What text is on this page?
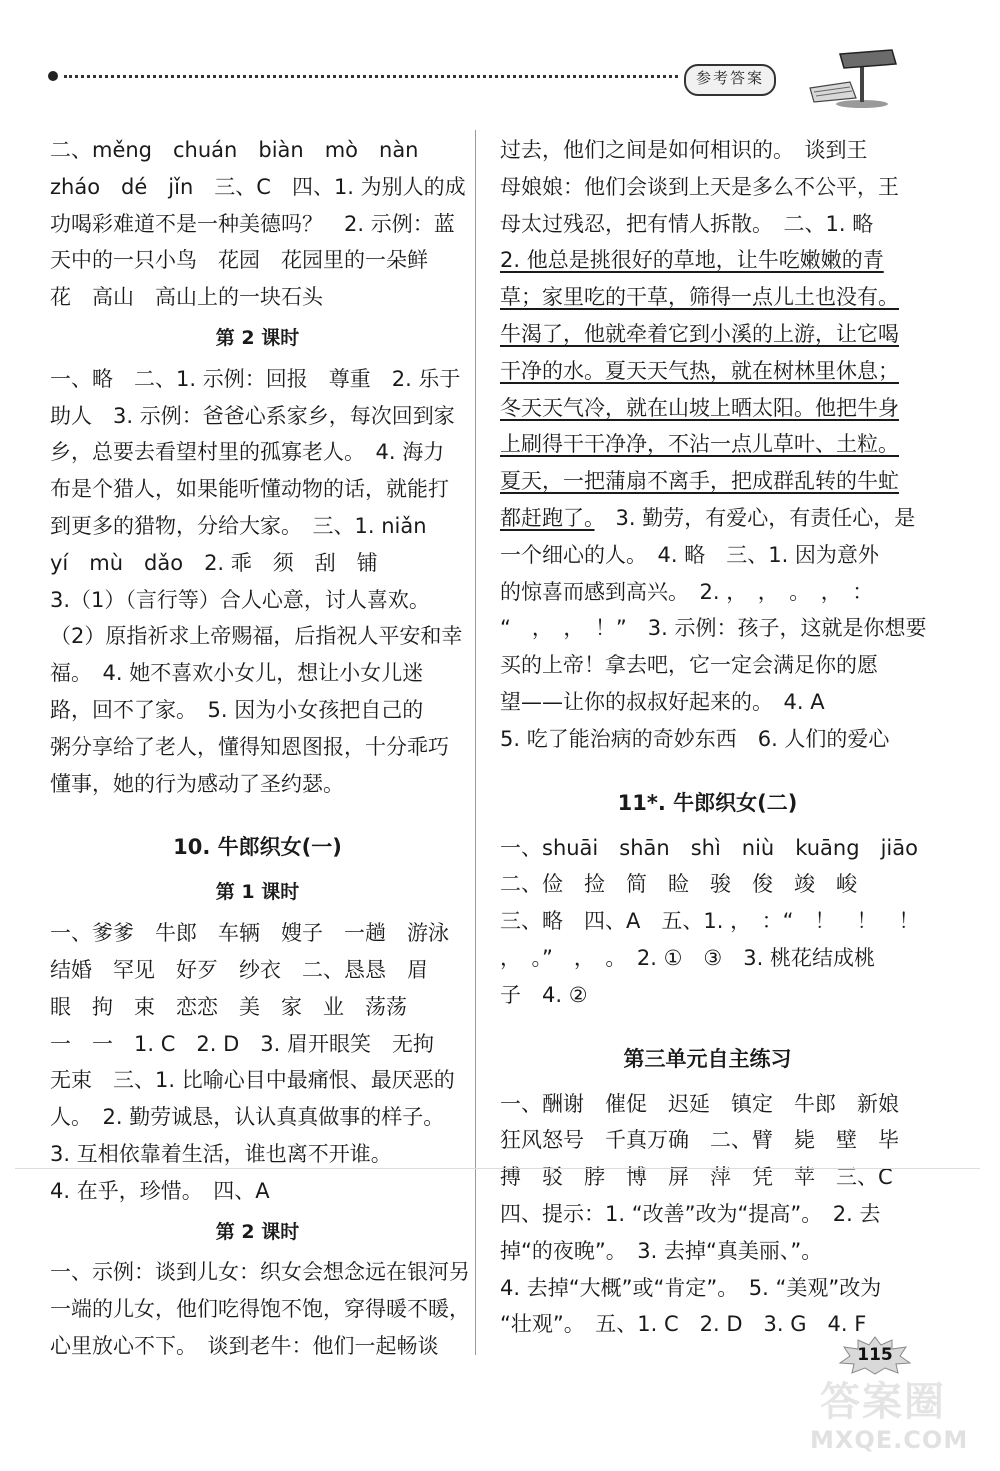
参考答案

二、měng　chuán　biàn　mò　nàn

zháo　dé　jǐn　三、C　四、1. 为别人的成

功喝彩难道不是一种美德吗？　2. 示例：蓝

天中的一只小鸟　花园　花园里的一朵鲜

花　高山　高山上的一块石头

第 2 课时

一、略　二、1. 示例：回报　尊重　2. 乐于

助人　3. 示例：爸爸心系家乡，每次回到家

乡，总要去看望村里的孤寡老人。　4. 海力

布是个猎人，如果能听懂动物的话，就能打

到更多的猎物，分给大家。　三、1. niǎn

yí　mù　dǎo　2. 乖　须　刮　铺

3.（1）（言行等）合人心意，讨人喜欢。

（2）原指祈求上帝赐福，后指祝人平安和幸

福。　4. 她不喜欢小女儿，想让小女儿迷

路，回不了家。　5. 因为小女孩把自己的

粥分享给了老人，懂得知恩图报，十分乖巧

懂事，她的行为感动了圣约瑟。

10. 牛郎织女(一)
第 1 课时

一、爹爹　牛郎　车辆　嫂子　一趟　游泳

结婚　罕见　好歹　纱衣　二、恳恳　眉

眼　拘　束　恋恋　美　家　业　荡荡

一　一　1. C　2. D　3. 眉开眼笑　无拘

无束　三、1. 比喻心目中最痛恨、最厌恶的

人。　2. 勤劳诚恳，认认真真做事的样子。

3. 互相依靠着生活，谁也离不开谁。

4. 在乎，珍惜。　四、A

第 2 课时

一、示例：谈到儿女：织女会想念远在银河另

一端的儿女，他们吃得饱不饱，穿得暖不暖，

心里放心不下。　谈到老牛：他们一起畅谈

过去，他们之间是如何相识的。　谈到王

母娘娘：他们会谈到上天是多么不公平，王

母太过残忍，把有情人拆散。　二、1. 略

2. 他总是挑很好的草地，让牛吃嫩嫩的青

草；家里吃的干草，筛得一点儿土也没有。

牛渴了，他就牵着它到小溪的上游，让它喝

干净的水。夏天天气热，就在树林里休息；

冬天天气冷，就在山坡上晒太阳。他把牛身

上刷得干干净净，不沾一点儿草叶、土粒。

夏天，一把蒲扇不离手，把成群乱转的牛虻

都赶跑了。　3. 勤劳，有爱心，有责任心，是

一个细心的人。　4. 略　三、1. 因为意外

的惊喜而感到高兴。　2. ，　，　。　，　：

“　，　，　！”　3. 示例：孩子，这就是你想要

买的上帝！拿去吧，它一定会满足你的愿

望——让你的叔叔好起来的。　4. A

5. 吃了能治病的奇妙东西　6. 人们的爱心

11*. 牛郎织女(二)

一、shuāi　shān　shì　niù　kuāng　jiāo

二、俭　捡　简　睑　骏　俊　竣　峻

三、略　四、A　五、1. ，　：“　！　！　！

，　。”　，　。　2. ①　③　3. 桃花结成桃

子　4. ②

第三单元自主练习

一、酬谢　催促　迟延　镇定　牛郎　新娘

狂风怒号　千真万确　二、臂　毙　壁　毕

搏　驳　脖　博　屏　萍　凭　苹　三、C

四、提示：1. “改善”改为“提高”。　2. 去

掉“的夜晚”。　3. 去掉“真美丽、”。

4. 去掉“大概”或“肯定”。　5. “美观”改为

“壮观”。　五、1. C　2. D　3. G　4. F

115
答案圈
MXQE.COM
